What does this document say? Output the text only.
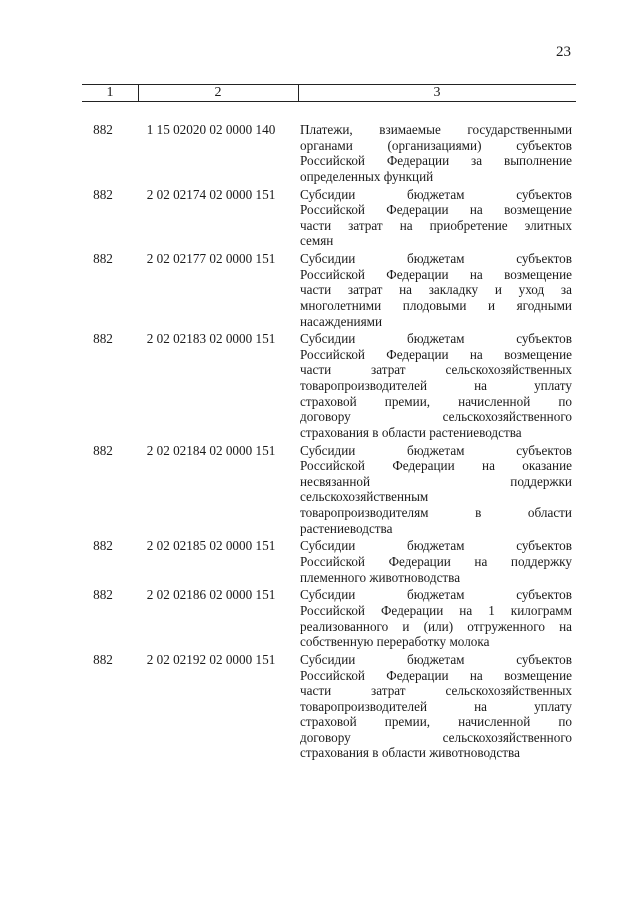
23
1	2	3
882	1 15 02020 02 0000 140	Платежи, взимаемые государственными
органами (организациями) субъектов
Российской Федерации за выполнение
определенных функций
882	2 02 02174 02 0000 151	Субсидии бюджетам субъектов
Российской Федерации на возмещение
части затрат на приобретение элитных
семян
882	2 02 02177 02 0000 151	Субсидии бюджетам субъектов
Российской Федерации на возмещение
части затрат на закладку и уход за
многолетними плодовыми и ягодными
насаждениями
882	2 02 02183 02 0000 151	Субсидии бюджетам субъектов
Российской Федерации на возмещение
части затрат сельскохозяйственных
товаропроизводителей на уплату
страховой премии, начисленной по
договору сельскохозяйственного
страхования в области растениеводства
882	2 02 02184 02 0000 151	Субсидии бюджетам субъектов
Российской Федерации на оказание
несвязанной поддержки
сельскохозяйственным
товаропроизводителям в области
растениеводства
882	2 02 02185 02 0000 151	Субсидии бюджетам субъектов
Российской Федерации на поддержку
племенного животноводства
882	2 02 02186 02 0000 151	Субсидии бюджетам субъектов
Российской Федерации на 1 килограмм
реализованного и (или) отгруженного на
собственную переработку молока
882	2 02 02192 02 0000 151	Субсидии бюджетам субъектов
Российской Федерации на возмещение
части затрат сельскохозяйственных
товаропроизводителей на уплату
страховой премии, начисленной по
договору сельскохозяйственного
страхования в области животноводства
